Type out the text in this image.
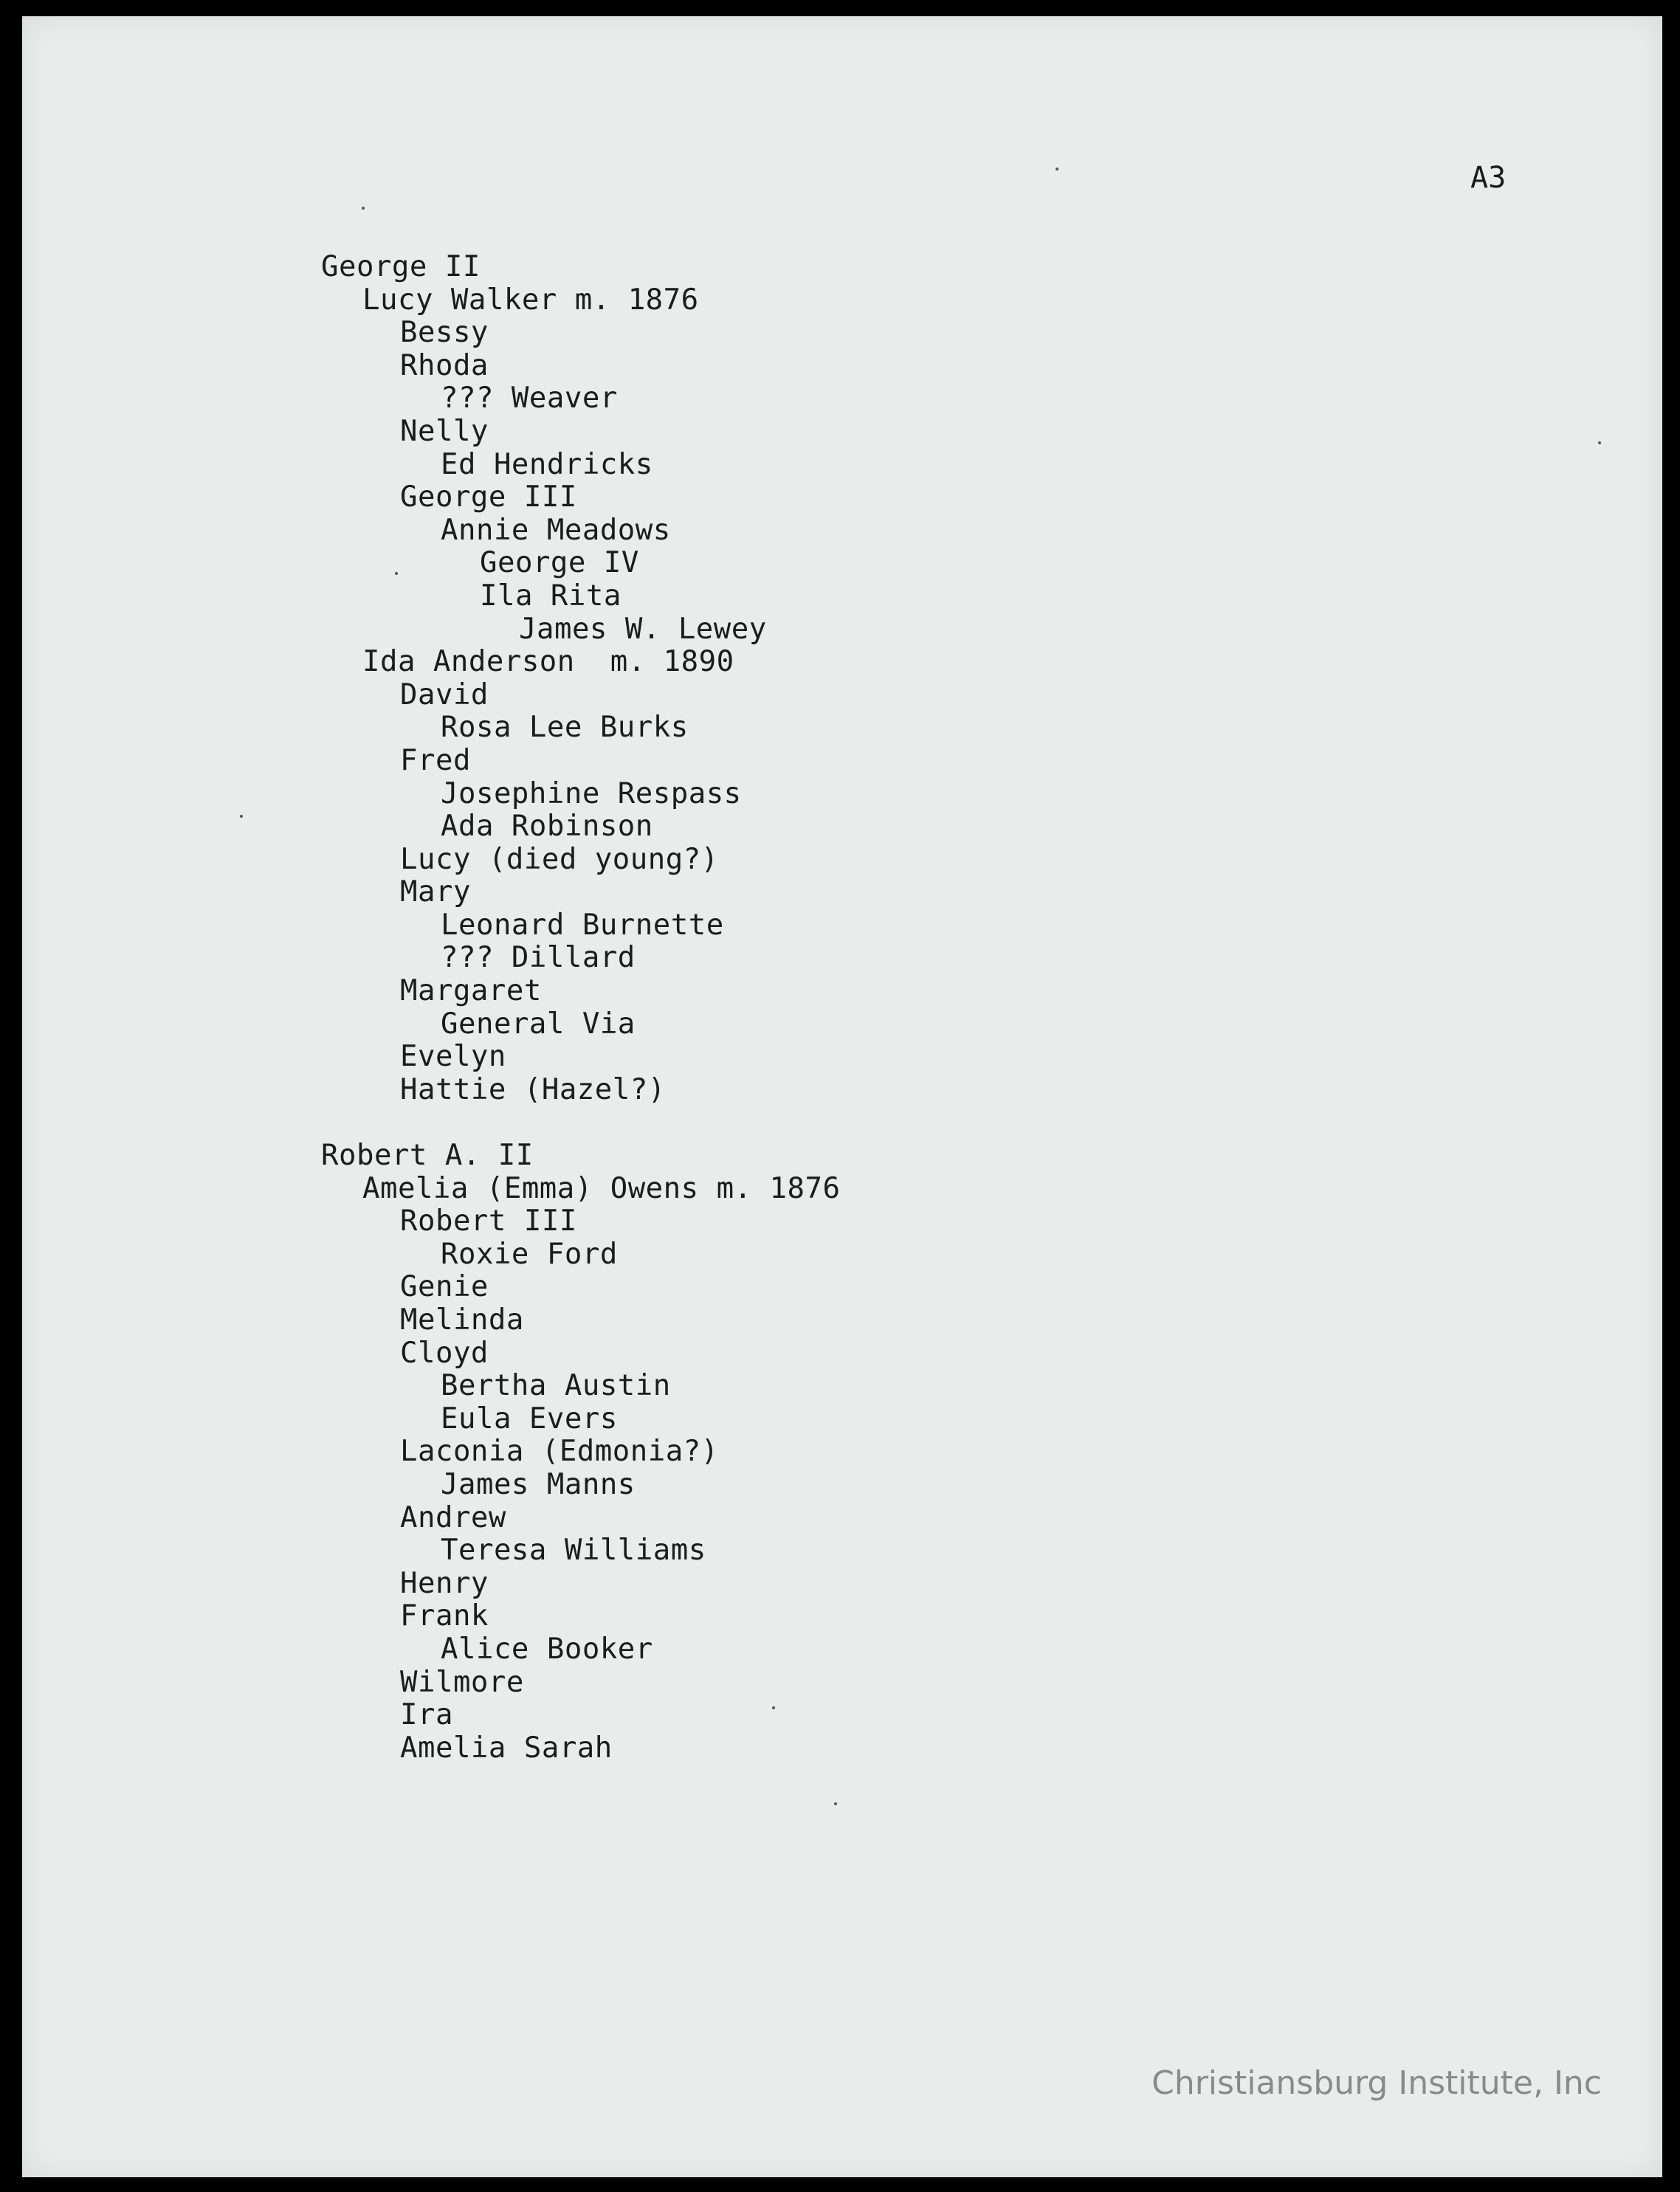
A3
Christiansburg Institute, Inc
George II
Lucy Walker m. 1876
Bessy
Rhoda
??? Weaver
Nelly
Ed Hendricks
George III
Annie Meadows
George IV
Ila Rita
James W. Lewey
Ida Anderson  m. 1890
David
Rosa Lee Burks
Fred
Josephine Respass
Ada Robinson
Lucy (died young?)
Mary
Leonard Burnette
??? Dillard
Margaret
General Via
Evelyn
Hattie (Hazel?)
Robert A. II
Amelia (Emma) Owens m. 1876
Robert III
Roxie Ford
Genie
Melinda
Cloyd
Bertha Austin
Eula Evers
Laconia (Edmonia?)
James Manns
Andrew
Teresa Williams
Henry
Frank
Alice Booker
Wilmore
Ira
Amelia Sarah
